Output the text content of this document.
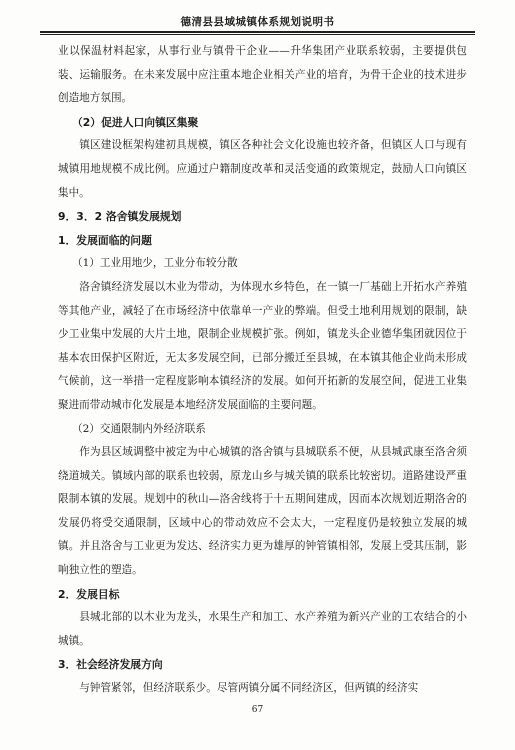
德清县县域城镇体系规划说明书

业以保温材料起家，从事行业与镇骨干企业——升华集团产业联系较弱，主要提供包装、运输服务。在未来发展中应注重本地企业相关产业的培育，为骨干企业的技术进步创造地方氛围。

（2）促进人口向镇区集聚

镇区建设框架构建初具规模，镇区各种社会文化设施也较齐备，但镇区人口与现有城镇用地规模不成比例。应通过户籍制度改革和灵活变通的政策规定，鼓励人口向镇区集中。

9．3．2 洛舍镇发展规划

1．发展面临的问题

（1）工业用地少，工业分布较分散

洛舍镇经济发展以木业为带动，为体现水乡特色，在一镇一厂基础上开拓水产养殖等其他产业，减轻了在市场经济中依靠单一产业的弊端。但受土地利用规划的限制，缺少工业集中发展的大片土地，限制企业规模扩张。例如，镇龙头企业德华集团就因位于基本农田保护区附近，无太多发展空间，已部分搬迁至县城，在本镇其他企业尚未形成气候前，这一举措一定程度影响本镇经济的发展。如何开拓新的发展空间，促进工业集聚进而带动城市化发展是本地经济发展面临的主要问题。

（2）交通限制内外经济联系

作为县区域调整中被定为中心城镇的洛舍镇与县城联系不便，从县城武康至洛舍须绕道城关。镇域内部的联系也较弱，原龙山乡与城关镇的联系比较密切。道路建设严重限制本镇的发展。规划中的秋山—洛舍线将于十五期间建成，因而本次规划近期洛舍的发展仍将受交通限制，区域中心的带动效应不会太大，一定程度仍是较独立发展的城镇。并且洛舍与工业更为发达、经济实力更为雄厚的钟管镇相邻，发展上受其压制，影响独立性的塑造。

2．发展目标

县城北部的以木业为龙头，水果生产和加工、水产养殖为新兴产业的工农结合的小城镇。

3．社会经济发展方向

与钟管紧邻，但经济联系少。尽管两镇分属不同经济区，但两镇的经济实

67
